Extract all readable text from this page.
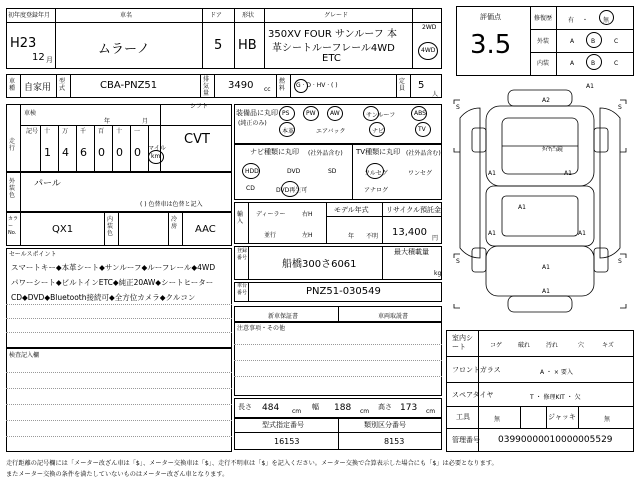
初年度登録年月
H23
12 月
車名
ムラーノ
ドア
5
形状
HB
グレード
350XV FOUR サンルーフ 本
革シートルーフレール4WD
ETC
2WD
4WD
評価点
3.5
修復歴	有 ・ 無
外装	A	B	C
内装	A	B	C
車種 自家用
型式	CBA-PNZ51
排気量
3490 cc
燃料	G · D · HV · ( )
定員	5
人
車検
年	月
走行
記号 十 万 千 百 十 一
1 4 6 0 0 0 マイル
km
シフト
CVT
外装色
パール
( ) 色替車は色替と記入
カラーNo.	QX1
内装色
冷房	AAC
セールスポイント
スマートキー◆本革シート◆サンルーフ◆ルーフレール◆4WD
パワーシート◆ビルトインETC◆純正20AW◆シートヒーター
CD◆DVD◆Bluetooth接続可◆全方位カメラ◆クルコン
検査記入欄
装備品に丸印
(純正のみ)
PS	PW AW	サンルーフ	ABS
本革	エアバック	ナビ	TV
ナビ種類に丸印 (社外品含む)
HDD	DVD	SD
CD	DVD再生可
TV種類に丸印 (社外品含む)
フルセグ	ワンセグ
アナログ
輸入
ディーラー	右H
並行	左H
モデル年式
年 不明
リサイクル預託金
13,400
円
登録番号
船橋300さ6061
最大積載量
kg
車台番号	PNZ51-030549
新車保証書	車両取説書
注意事項・その他
長さ 484 cm
幅 188 cm
高さ 173 cm
型式指定番号
16153
類別区分番号
8153
S	S
S	S
A2
A1
A1	A1
A1
A1	A1
A1
A1
ﾀｲﾔ凸鏡
室内シート	コゲ	破れ	汚れ	穴	キズ
フロントガラス	A ・ × 要入
スペアタイヤ	T ・ 修理KIT ・ 欠
工具	無	ジャッキ	無
管理番号 03990000010000005529
走行距離の記号欄には「メーター改ざん車は「$」、メーター交換車は「$」、走行不明車は「$」を記入ください。メーター交換で合算表示した場合にも「$」は必要となります。
またメーター交換の条件を満たしていないものはメーター改ざん車となります。
